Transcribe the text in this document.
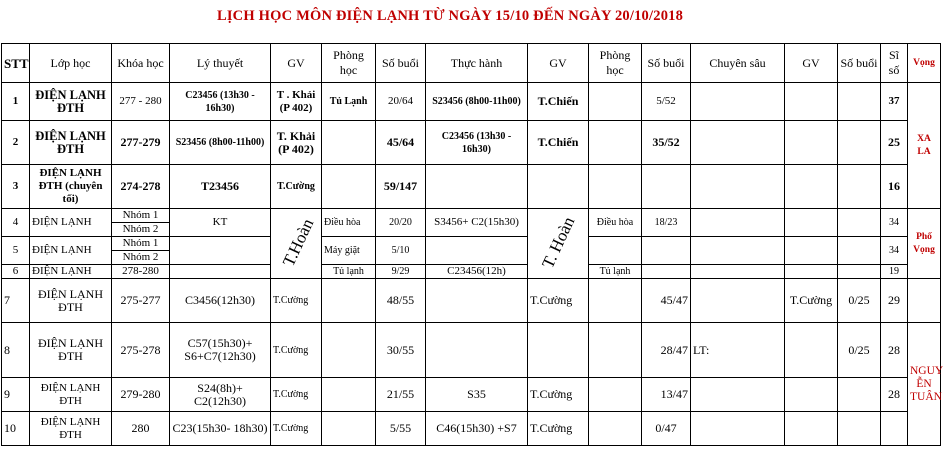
LỊCH HỌC MÔN ĐIỆN LẠNH TỪ NGÀY 15/10 ĐẾN NGÀY 20/10/2018
STT	Lớp học	Khóa học	Lý thuyết	GV	Phòng học	Số buổi	Thực hành	GV	Phòng học	Số buổi	Chuyên sâu	GV	Số buổi	Sĩ số	Vọng
1	ĐIỆN LẠNH ĐTH	277 - 280	C23456 (13h30 - 16h30)	T . Khải (P 402)	Tủ Lạnh	20/64	S23456 (8h00-11h00)	T.Chiến		5/52				37	XA LA
2	ĐIỆN LẠNH ĐTH	277-279	S23456 (8h00-11h00)	T. Khải (P 402)		45/64	C23456 (13h30 - 16h30)	T.Chiến		35/52				25	
3	ĐIỆN LẠNH ĐTH (chuyên tối)	274-278	T23456	T.Cường		59/147								16	
4	ĐIỆN LẠNH	Nhóm 1	KT	T.Hoàn	Điều hòa	20/20	S3456+ C2(15h30)	T. Hoàn	Điều hòa	18/23				34	Phố Vọng
		Nhóm 2													
5	ĐIỆN LẠNH	Nhóm 1			Máy giặt	5/10								34	
		Nhóm 2													
6	ĐIỆN LẠNH	278-280			Tủ lạnh	9/29	C23456(12h)		Tủ lạnh					19	
7	ĐIỆN LẠNH ĐTH	275-277	C3456(12h30)	T.Cường		48/55		T.Cường		45/47		T.Cường	0/25	29	
8	ĐIỆN LẠNH ĐTH	275-278	C57(15h30)+ S6+C7(12h30)	T.Cường		30/55				28/47	LT:		0/25	28	NGUY ỄN TUÂN
9	ĐIỆN LẠNH ĐTH	279-280	S24(8h)+ C2(12h30)	T.Cường		21/55	S35	T.Cường		13/47				28	
10	ĐIỆN LẠNH ĐTH	280	C23(15h30- 18h30)	T.Cường		5/55	C46(15h30) +S7	T.Cường		0/47					
